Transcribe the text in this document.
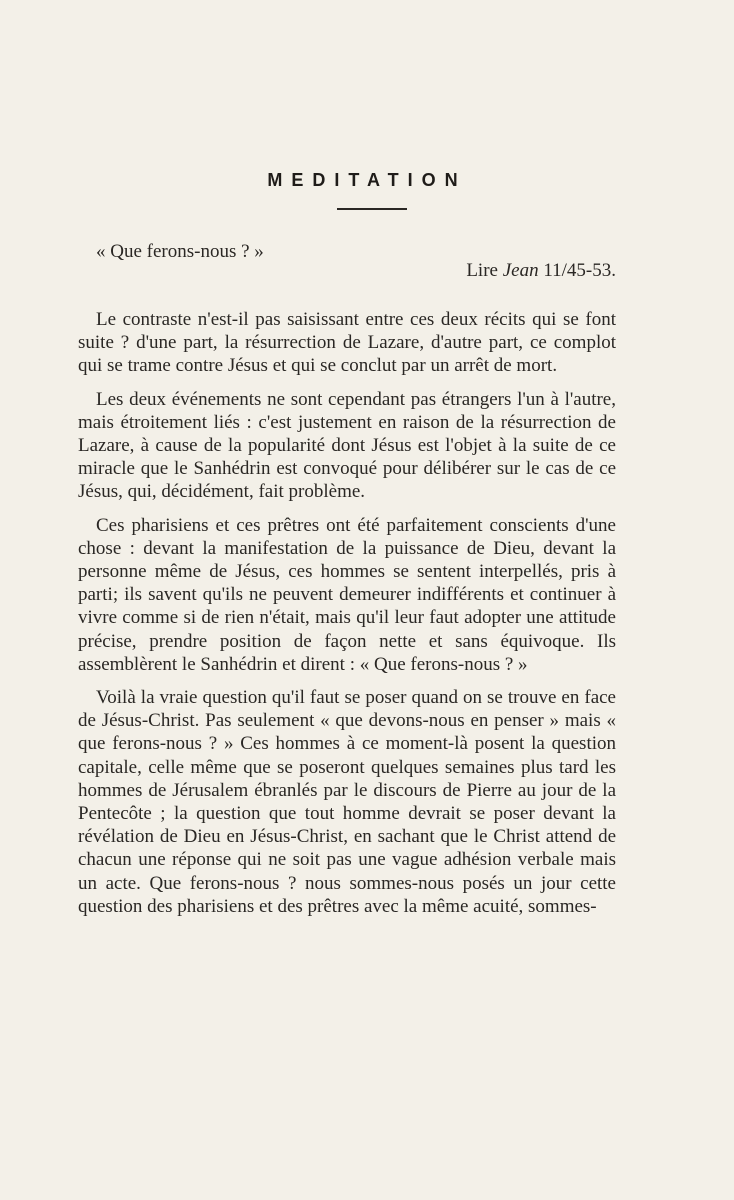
MEDITATION
« Que ferons-nous ? »
Lire Jean 11/45-53.

Le contraste n'est-il pas saisissant entre ces deux récits qui se font suite ? d'une part, la résurrection de Lazare, d'autre part, ce complot qui se trame contre Jésus et qui se conclut par un arrêt de mort.

Les deux événements ne sont cependant pas étrangers l'un à l'autre, mais étroitement liés : c'est justement en raison de la résurrection de Lazare, à cause de la popularité dont Jésus est l'objet à la suite de ce miracle que le Sanhédrin est convoqué pour délibérer sur le cas de ce Jésus, qui, décidément, fait problème.

Ces pharisiens et ces prêtres ont été parfaitement conscients d'une chose : devant la manifestation de la puissance de Dieu, devant la personne même de Jésus, ces hommes se sentent interpellés, pris à parti; ils savent qu'ils ne peuvent demeurer indifférents et continuer à vivre comme si de rien n'était, mais qu'il leur faut adopter une attitude précise, prendre position de façon nette et sans équivoque. Ils assemblèrent le Sanhédrin et dirent : « Que ferons-nous ? »

Voilà la vraie question qu'il faut se poser quand on se trouve en face de Jésus-Christ. Pas seulement « que devons-nous en penser » mais « que ferons-nous ? » Ces hommes à ce moment-là posent la question capitale, celle même que se poseront quelques semaines plus tard les hommes de Jérusalem ébranlés par le discours de Pierre au jour de la Pentecôte ; la question que tout homme devrait se poser devant la révélation de Dieu en Jésus-Christ, en sachant que le Christ attend de chacun une réponse qui ne soit pas une vague adhésion verbale mais un acte. Que ferons-nous ? nous sommes-nous posés un jour cette question des pharisiens et des prêtres avec la même acuité, sommes-
